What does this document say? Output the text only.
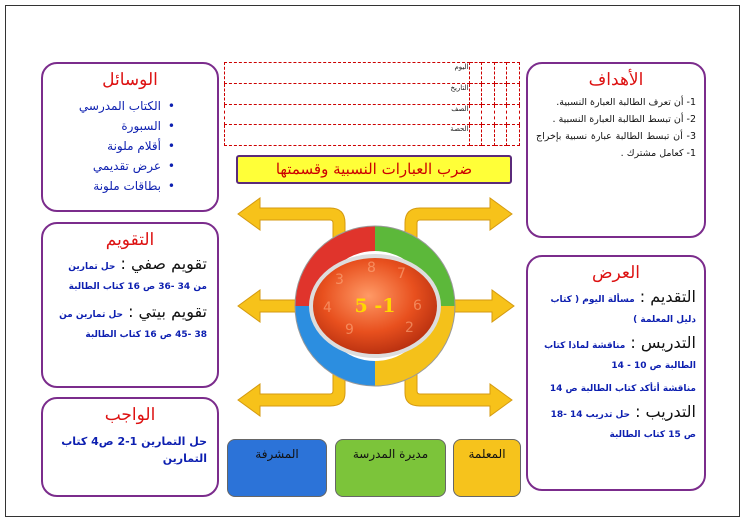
اليوم				
التاريخ				
الصف				
الحصة				
ضرب العبارات النسبية وقسمتها
3	7
9	2
8
6
4 5 -1
الأهداف
1- أن تعرف الطالبة العبارة النسبية.
2- أن تبسط الطالبة العبارة النسبية .
3- أن تبسط الطالبة عبارة نسبية بإخراج 1- كعامل مشترك .
الوسائل
• الكتاب المدرسي
• السبورة
• أقلام ملونة
• عرض تقديمي
• بطاقات ملونة
التقويم
تقويم صفي : حل تمارين من 34 -36 ص 16 كتاب الطالبة
تقويم بيتي : حل تمارين من 38 -45 ص 16 كتاب الطالبة
الواجب
حل التمارين 1-2 ص4 كتاب التمارين
العرض
التقديم : مسألة اليوم ( كتاب دليل المعلمة )
التدريس : مناقشة لماذا كتاب الطالبة ص 10 - 14
مناقشة أتأكد كتاب الطالبة ص 14
التدريب : حل تدريب 14 -18 ص 15 كتاب الطالبة
المعلمة
مديرة المدرسة
المشرفة
